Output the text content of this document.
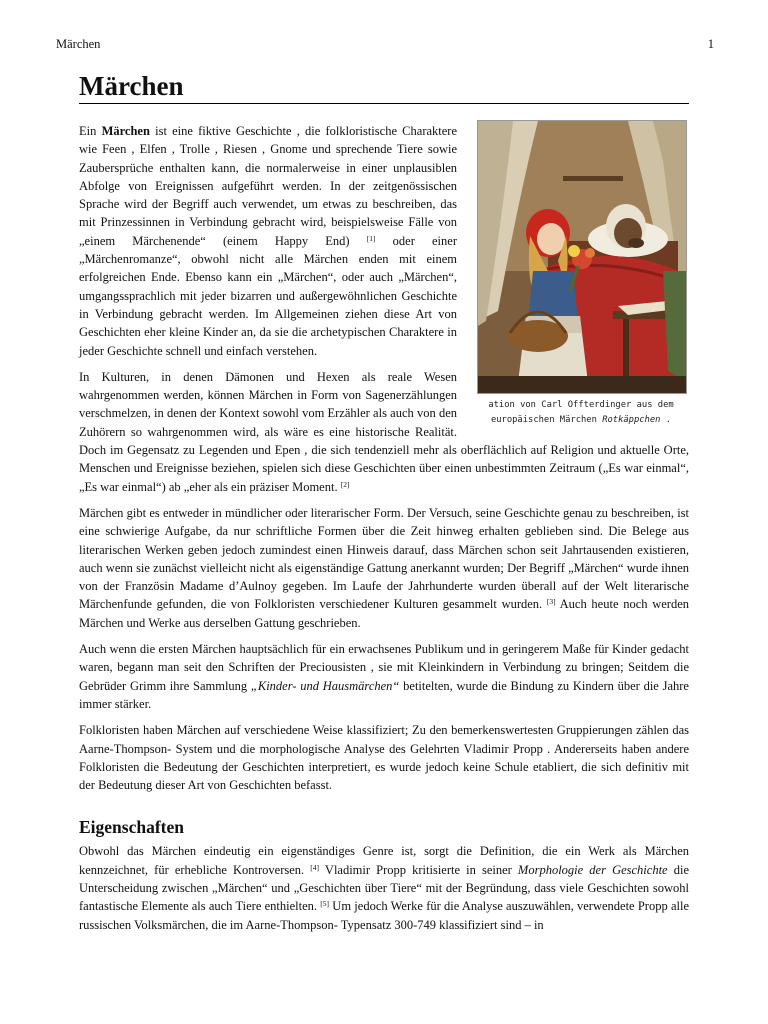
Märchen	1
Märchen
ation von Carl Offterdinger aus dem europäischen Märchen Rotkäppchen .

Ein Märchen ist eine fiktive Geschichte , die folkloristische Charaktere wie Feen , Elfen , Trolle , Riesen , Gnome und sprechende Tiere sowie Zaubersprüche enthalten kann, die normalerweise in einer unplausiblen Abfolge von Ereignissen aufgeführt werden. In der zeitgenössischen Sprache wird der Begriff auch verwendet, um etwas zu beschreiben, das mit Prinzessinnen in Verbindung gebracht wird, beispielsweise Fälle von „einem Märchenende“ (einem Happy End) [1] oder einer „Märchenromanze“, obwohl nicht alle Märchen enden mit einem erfolgreichen Ende. Ebenso kann ein „Märchen“, oder auch „Märchen“, umgangssprachlich mit jeder bizarren und außergewöhnlichen Geschichte in Verbindung gebracht werden. Im Allgemeinen ziehen diese Art von Geschichten eher kleine Kinder an, da sie die archetypischen Charaktere in jeder Geschichte schnell und einfach verstehen.

In Kulturen, in denen Dämonen und Hexen als reale Wesen wahrgenommen werden, können Märchen in Form von Sagenerzählungen verschmelzen, in denen der Kontext sowohl vom Erzähler als auch von den Zuhörern so wahrgenommen wird, als wäre es eine historische Realität. Doch im Gegensatz zu Legenden und Epen , die sich tendenziell mehr als oberflächlich auf Religion und aktuelle Orte, Menschen und Ereignisse beziehen, spielen sich diese Geschichten über einen unbestimmten Zeitraum („Es war einmal“, „Es war einmal“) ab „eher als ein präziser Moment. [2]

Märchen gibt es entweder in mündlicher oder literarischer Form. Der Versuch, seine Geschichte genau zu beschreiben, ist eine schwierige Aufgabe, da nur schriftliche Formen über die Zeit hinweg erhalten geblieben sind. Die Belege aus literarischen Werken geben jedoch zumindest einen Hinweis darauf, dass Märchen schon seit Jahrtausenden existieren, auch wenn sie zunächst vielleicht nicht als eigenständige Gattung anerkannt wurden; Der Begriff „Märchen“ wurde ihnen von der Französin Madame d’Aulnoy gegeben. Im Laufe der Jahrhunderte wurden überall auf der Welt literarische Märchenfunde gefunden, die von Folkloristen verschiedener Kulturen gesammelt wurden. [3] Auch heute noch werden Märchen und Werke aus derselben Gattung geschrieben.

Auch wenn die ersten Märchen hauptsächlich für ein erwachsenes Publikum und in geringerem Maße für Kinder gedacht waren, begann man seit den Schriften der Preciousisten , sie mit Kleinkindern in Verbindung zu bringen; Seitdem die Gebrüder Grimm ihre Sammlung „Kinder- und Hausmärchen“ betitelten, wurde die Bindung zu Kindern über die Jahre immer stärker.

Folkloristen haben Märchen auf verschiedene Weise klassifiziert; Zu den bemerkenswertesten Gruppierungen zählen das Aarne-Thompson- System und die morphologische Analyse des Gelehrten Vladimir Propp . Andererseits haben andere Folkloristen die Bedeutung der Geschichten interpretiert, es wurde jedoch keine Schule etabliert, die sich definitiv mit der Bedeutung dieser Art von Geschichten befasst.

Eigenschaften

Obwohl das Märchen eindeutig ein eigenständiges Genre ist, sorgt die Definition, die ein Werk als Märchen kennzeichnet, für erhebliche Kontroversen. [4] Vladimir Propp kritisierte in seiner Morphologie der Geschichte die Unterscheidung zwischen „Märchen“ und „Geschichten über Tiere“ mit der Begründung, dass viele Geschichten sowohl fantastische Elemente als auch Tiere enthielten. [5] Um jedoch Werke für die Analyse auszuwählen, verwendete Propp alle russischen Volksmärchen, die im Aarne-Thompson- Typensatz 300-749 klassifiziert sind – in
